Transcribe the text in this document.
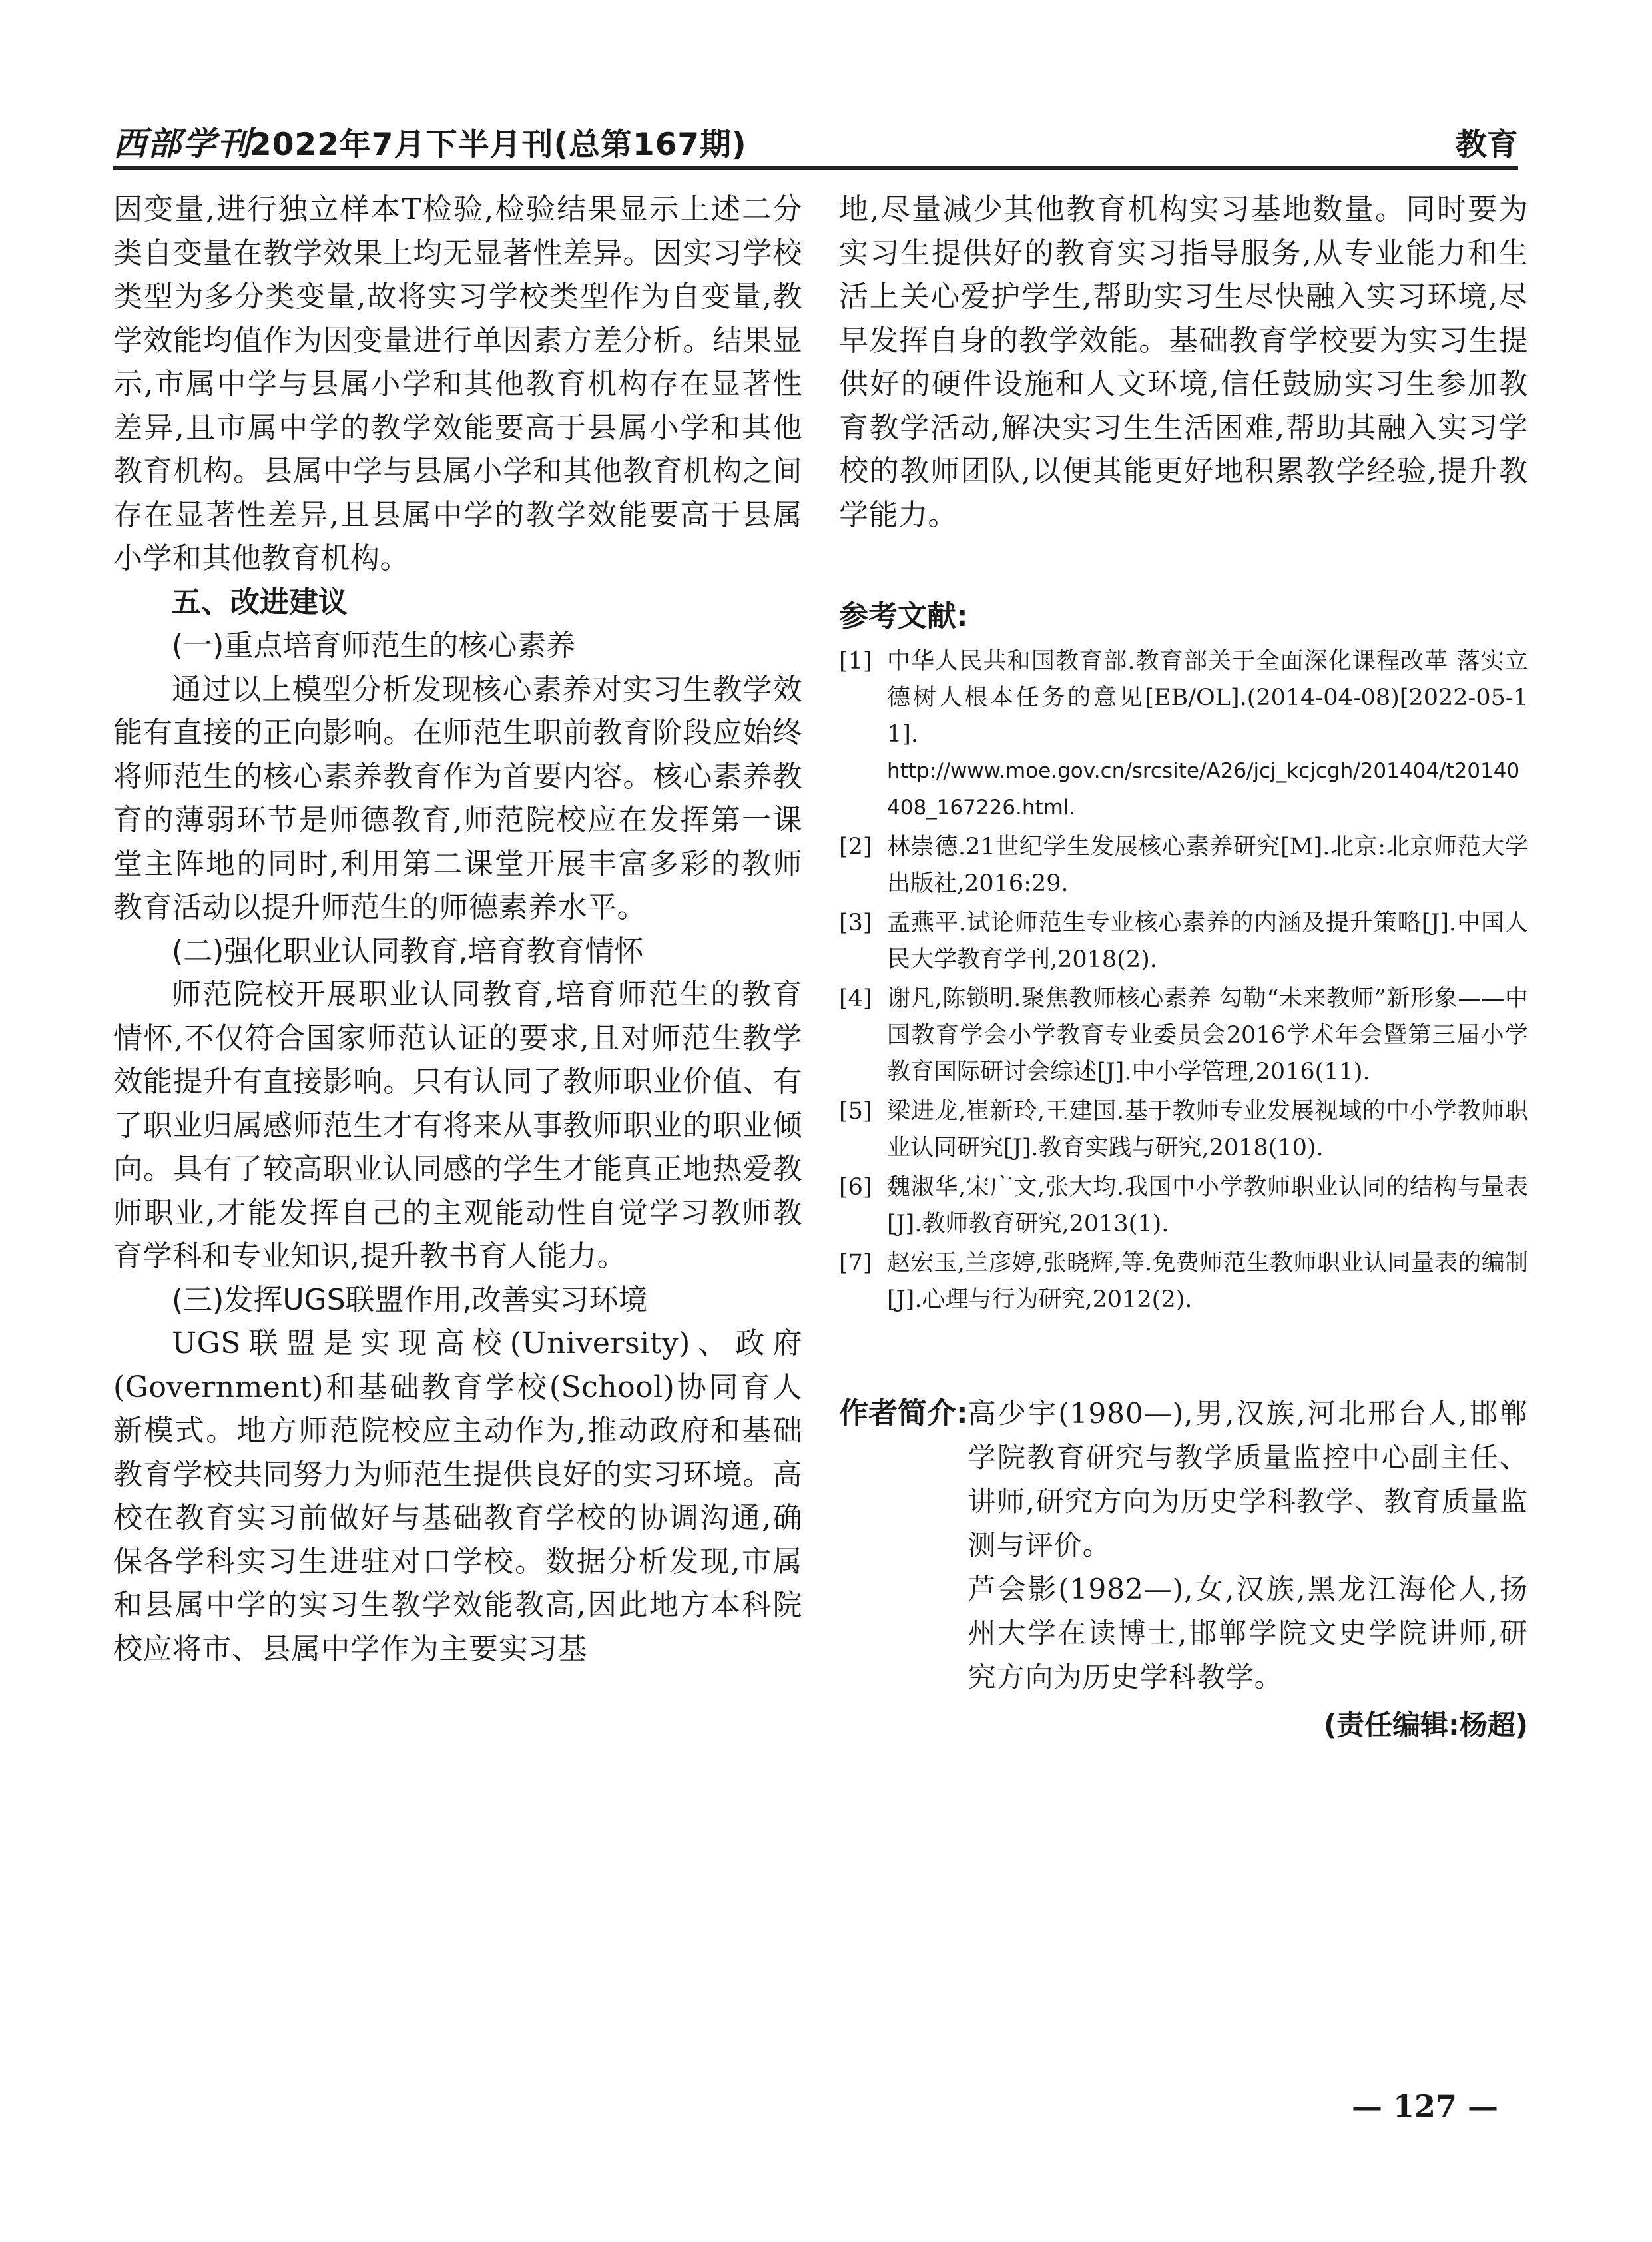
西部学刊
2022年7月下半月刊(总第167期)	教育

因变量,进行独立样本T检验,检验结果显示上述二分类自变量在教学效果上均无显著性差异。因实习学校类型为多分类变量,故将实习学校类型作为自变量,教学效能均值作为因变量进行单因素方差分析。结果显示,市属中学与县属小学和其他教育机构存在显著性差异,且市属中学的教学效能要高于县属小学和其他教育机构。县属中学与县属小学和其他教育机构之间存在显著性差异,且县属中学的教学效能要高于县属小学和其他教育机构。

五、改进建议

(一)重点培育师范生的核心素养

通过以上模型分析发现核心素养对实习生教学效能有直接的正向影响。在师范生职前教育阶段应始终将师范生的核心素养教育作为首要内容。核心素养教育的薄弱环节是师德教育,师范院校应在发挥第一课堂主阵地的同时,利用第二课堂开展丰富多彩的教师教育活动以提升师范生的师德素养水平。

(二)强化职业认同教育,培育教育情怀

师范院校开展职业认同教育,培育师范生的教育情怀,不仅符合国家师范认证的要求,且对师范生教学效能提升有直接影响。只有认同了教师职业价值、有了职业归属感师范生才有将来从事教师职业的职业倾向。具有了较高职业认同感的学生才能真正地热爱教师职业,才能发挥自己的主观能动性自觉学习教师教育学科和专业知识,提升教书育人能力。

(三)发挥UGS联盟作用,改善实习环境

UGS联盟是实现高校(University)、政府(Government)和基础教育学校(School)协同育人新模式。地方师范院校应主动作为,推动政府和基础教育学校共同努力为师范生提供良好的实习环境。高校在教育实习前做好与基础教育学校的协调沟通,确保各学科实习生进驻对口学校。数据分析发现,市属和县属中学的实习生教学效能教高,因此地方本科院校应将市、县属中学作为主要实习基

地,尽量减少其他教育机构实习基地数量。同时要为实习生提供好的教育实习指导服务,从专业能力和生活上关心爱护学生,帮助实习生尽快融入实习环境,尽早发挥自身的教学效能。基础教育学校要为实习生提供好的硬件设施和人文环境,信任鼓励实习生参加教育教学活动,解决实习生生活困难,帮助其融入实习学校的教师团队,以便其能更好地积累教学经验,提升教学能力。

参考文献:
[1] 中华人民共和国教育部.教育部关于全面深化课程改革 落实立德树人根本任务的意见[EB/OL].(2014-04-08)[2022-05-11].
http://www.moe.gov.cn/srcsite/A26/jcj_kcjcgh/201404/t20140408_167226.html.
[2] 林崇德.21世纪学生发展核心素养研究[M].北京:北京师范大学出版社,2016:29.
[3] 孟燕平.试论师范生专业核心素养的内涵及提升策略[J].中国人民大学教育学刊,2018(2).
[4] 谢凡,陈锁明.聚焦教师核心素养 勾勒“未来教师”新形象——中国教育学会小学教育专业委员会2016学术年会暨第三届小学教育国际研讨会综述[J].中小学管理,2016(11).
[5] 梁进龙,崔新玲,王建国.基于教师专业发展视域的中小学教师职业认同研究[J].教育实践与研究,2018(10).
[6] 魏淑华,宋广文,张大均.我国中小学教师职业认同的结构与量表[J].教师教育研究,2013(1).
[7] 赵宏玉,兰彦婷,张晓辉,等.免费师范生教师职业认同量表的编制[J].心理与行为研究,2012(2).
作者简介: 高少宇(1980—),男,汉族,河北邢台人,邯郸学院教育研究与教学质量监控中心副主任、讲师,研究方向为历史学科教学、教育质量监测与评价。

芦会影(1982—),女,汉族,黑龙江海伦人,扬州大学在读博士,邯郸学院文史学院讲师,研究方向为历史学科教学。

(责任编辑:杨超)
— 127 —
